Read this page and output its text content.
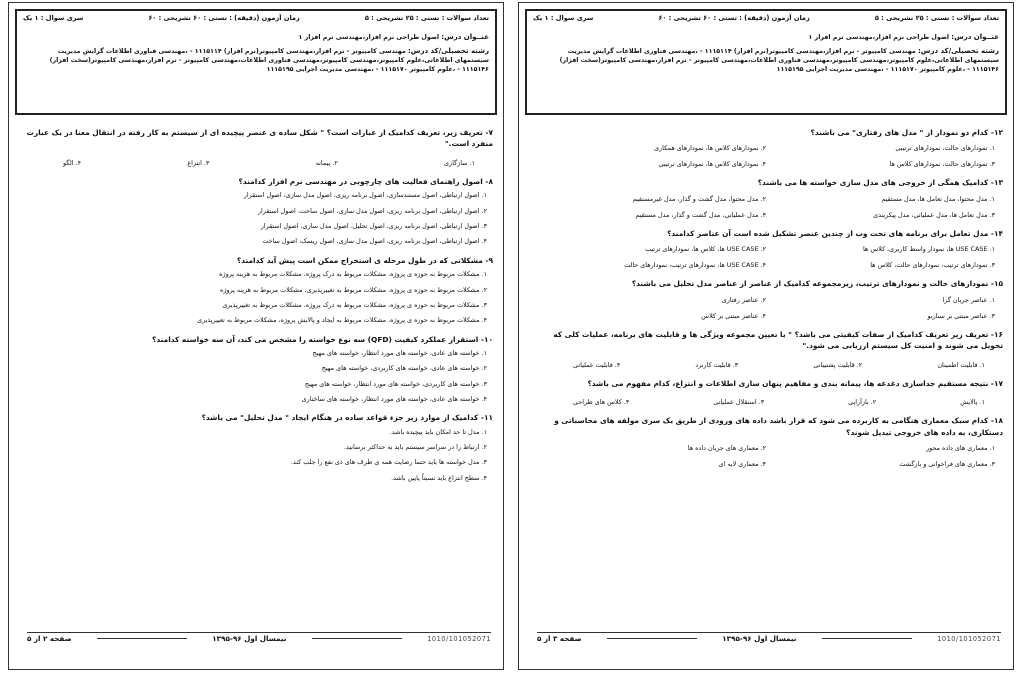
تعداد سوالات : تستی : ۲۵ تشریحی : ۵
زمان آزمون (دقیقه) : تستی : ۶۰ تشریحی : ۶۰
سری سوال : ۱ یک
عنــوان درس: اصول طراحی نرم افزار،مهندسی نرم افزار ۱
رشته تحصیلی/کد درس: مهندسی کامپیوتر - نرم افزار،مهندسی کامپیوتر(نرم افزار) ۱۱۱۵۱۱۴ - ،مهندسی فناوری اطلاعات گرایش مدیریت سیستمهای اطلاعاتی،علوم کامپیوتر،مهندسی کامپیوتر،مهندسی فناوری اطلاعات،مهندسی کامپیوتر - نرم افزار،مهندسی کامپیوتر(سخت افزار) ۱۱۱۵۱۴۶ - ،علوم کامپیوتر ۱۱۱۵۱۷۰ - ،مهندسی مدیریت اجرایی ۱۱۱۵۱۹۵
۷- تعریف زیر، تعریف کدامیک از عبارات است؟ " شکل ساده ی عنصر پیچیده ای از سیستم به کار رفته در انتقال معنا در یک عبارت منفرد است."
۱. سازگاری
۲. پیمانه
۳. انتزاع
۴. الگو
۸- اصول راهنمای فعالیت های چارچوبی در مهندسی نرم افزار کدامند؟
۱. اصول ارتباطی، اصول مستندسازی، اصول برنامه ریزی، اصول مدل سازی، اصول استقرار
۲. اصول ارتباطی، اصول برنامه ریزی، اصول مدل سازی، اصول ساخت، اصول استقرار
۳. اصول ارتباطی، اصول برنامه ریزی، اصول تحلیل، اصول مدل سازی، اصول استقرار
۴. اصول ارتباطی، اصول برنامه ریزی، اصول مدل سازی، اصول ریسک، اصول ساخت
۹- مشکلاتی که در طول مرحله ی استخراج ممکن است پیش آید کدامند؟
۱. مشکلات مربوط به حوزه ی پروژه، مشکلات مربوط به درک پروژه، مشکلات مربوط به هزینه پروژه
۲. مشکلات مربوط به حوزه ی پروژه، مشکلات مربوط به تغییرپذیری، مشکلات مربوط به هزینه پروژه
۳. مشکلات مربوط به حوزه ی پروژه، مشکلات مربوط به درک پروژه، مشکلات مربوط به تغییرپذیری
۴. مشکلات مربوط به حوزه ی پروژه، مشکلات مربوط به ایجاد و پالایش پروژه، مشکلات مربوط به تغییرپذیری
۱۰- استقرار عملکرد کیفیت (QFD) سه نوع خواسته را مشخص می کند، آن سه خواسته کدامند؟
۱. خواسته های عادی، خواسته های مورد انتظار، خواسته های مهیج
۲. خواسته های عادی، خواسته های کاربردی، خواسته های مهیج
۳. خواسته های کاربردی، خواسته های مورد انتظار، خواسته های مهیج
۴. خواسته های عادی، خواسته های مورد انتظار، خواسته های ساختاری
۱۱- کدامیک از موارد زیر جزء قواعد ساده در هنگام ایجاد " مدل تحلیل" می باشد؟
۱. مدل تا حد امکان باید پیچیده باشد.
۲. ارتباط را در سراسر سیستم باید به حداکثر برسانید.
۳. مدل خواسته ها باید حتما رضایت همه ی طرف های ذی نفع را جلب کند.
۴. سطح انتزاع باید نسبتاً پایین باشد.
صفحه ۲ از ۵	نیمسال اول ۹۶-۱۳۹۵	1010/101052071
تعداد سوالات : تستی : ۲۵ تشریحی : ۵
زمان آزمون (دقیقه) : تستی : ۶۰ تشریحی : ۶۰
سری سوال : ۱ یک
عنــوان درس: اصول طراحی نرم افزار،مهندسی نرم افزار ۱
رشته تحصیلی/کد درس: مهندسی کامپیوتر - نرم افزار،مهندسی کامپیوتر(نرم افزار) ۱۱۱۵۱۱۴ - ،مهندسی فناوری اطلاعات گرایش مدیریت سیستمهای اطلاعاتی،علوم کامپیوتر،مهندسی کامپیوتر،مهندسی فناوری اطلاعات،مهندسی کامپیوتر - نرم افزار،مهندسی کامپیوتر(سخت افزار) ۱۱۱۵۱۴۶ - ،علوم کامپیوتر ۱۱۱۵۱۷۰ - ،مهندسی مدیریت اجرایی ۱۱۱۵۱۹۵
۱۲- کدام دو نمودار از " مدل های رفتاری" می باشند؟
۱. نمودارهای حالت، نمودارهای ترتیبی
۲. نمودارهای کلاس ها، نمودارهای همکاری
۳. نمودارهای حالت، نمودارهای کلاس ها
۴. نمودارهای کلاس ها، نمودارهای ترتیبی
۱۳- کدامیک همگی از خروجی های مدل سازی خواسته ها می باشند؟
۱. مدل محتوا، مدل تعامل ها، مدل مستقیم
۲. مدل محتوا، مدل گشت و گذار، مدل غیرمستقیم
۳. مدل تعامل ها، مدل عملیاتی، مدل پیکربندی
۴. مدل عملیاتی، مدل گشت و گذار، مدل مستقیم
۱۴- مدل تعامل برای برنامه های تحت وب از چندین عنصر تشکیل شده است آن عناصر کدامند؟
۱. USE CASE ها، نمودار واسط کاربری، کلاس ها
۲. USE CASE ها، کلاس ها، نمودارهای ترتیب
۳. نمودارهای ترتیب، نمودارهای حالت، کلاس ها
۴. USE CASE ها، نمودارهای ترتیب، نمودارهای حالت
۱۵- نمودارهای حالت و نمودارهای ترتیب، زیرمجموعه کدامیک از عناصر از عناصر مدل تحلیل می باشند؟
۱. عناصر جریان گرا
۲. عناصر رفتاری
۳. عناصر مبتنی بر سناریو
۴. عناصر مبتنی بر کلاس
۱۶- تعریف زیر تعریف کدامیک از صفات کیفیتی می باشد؟ " با تعیین مجموعه ویژگی ها و قابلیت های برنامه، عملیات کلی که تحویل می شوند و امنیت کل سیستم ارزیابی می شود."
۱. قابلیت اطمینان
۲. قابلیت پشتیبانی
۳. قابلیت کاربرد
۴. قابلیت عملیاتی
۱۷- نتیجه مستقیم جداسازی دغدغه ها، پیمانه بندی و مفاهیم پنهان سازی اطلاعات و انتزاع، کدام مفهوم می باشد؟
۱. پالایش
۲. بازآرایی
۳. استقلال عملیاتی
۴. کلاس های طراحی
۱۸- کدام سبک معماری هنگامی به کاربرده می شود که قرار باشد داده های ورودی از طریق یک سری مولفه های محاسباتی و دستکاری، به داده های خروجی تبدیل شوند؟
۱. معماری های داده محور
۲. معماری های جریان داده ها
۳. معماری های فراخوانی و بازگشت
۴. معماری لایه ای
صفحه ۳ از ۵	نیمسال اول ۹۶-۱۳۹۵	1010/101052071
